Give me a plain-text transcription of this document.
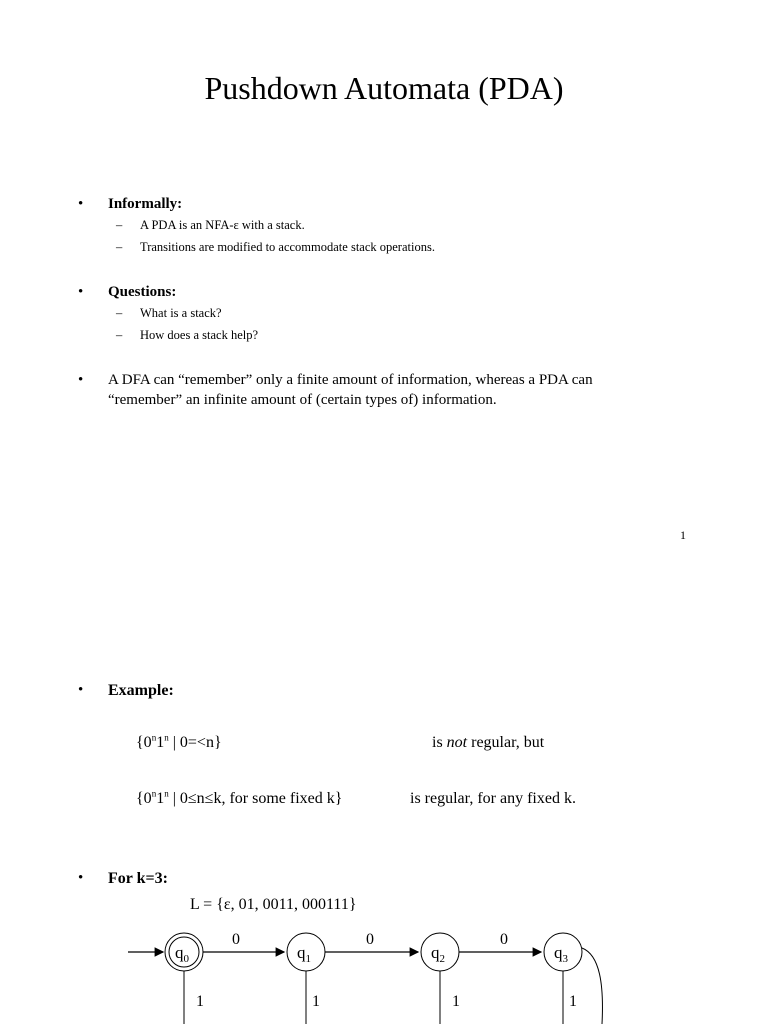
Pushdown Automata (PDA)
• Informally:
– A PDA is an NFA-ε with a stack.
– Transitions are modified to accommodate stack operations.
• Questions:
– What is a stack?
– How does a stack help?
• A DFA can “remember” only a finite amount of information, whereas a PDA can
“remember” an infinite amount of (certain types of) information.
1
• Example:
{0$^n$1$^n$ | 0=<n}	is not regular, but
{0$^n$1$^n$ | 0≤n≤k, for some fixed k}	is regular, for any fixed k.
• For k=3:
L = {ε, 01, 0011, 000111}
$q_0$	$q_1$	$q_2$	$q_3$
0	0	0
1	1	1	1
